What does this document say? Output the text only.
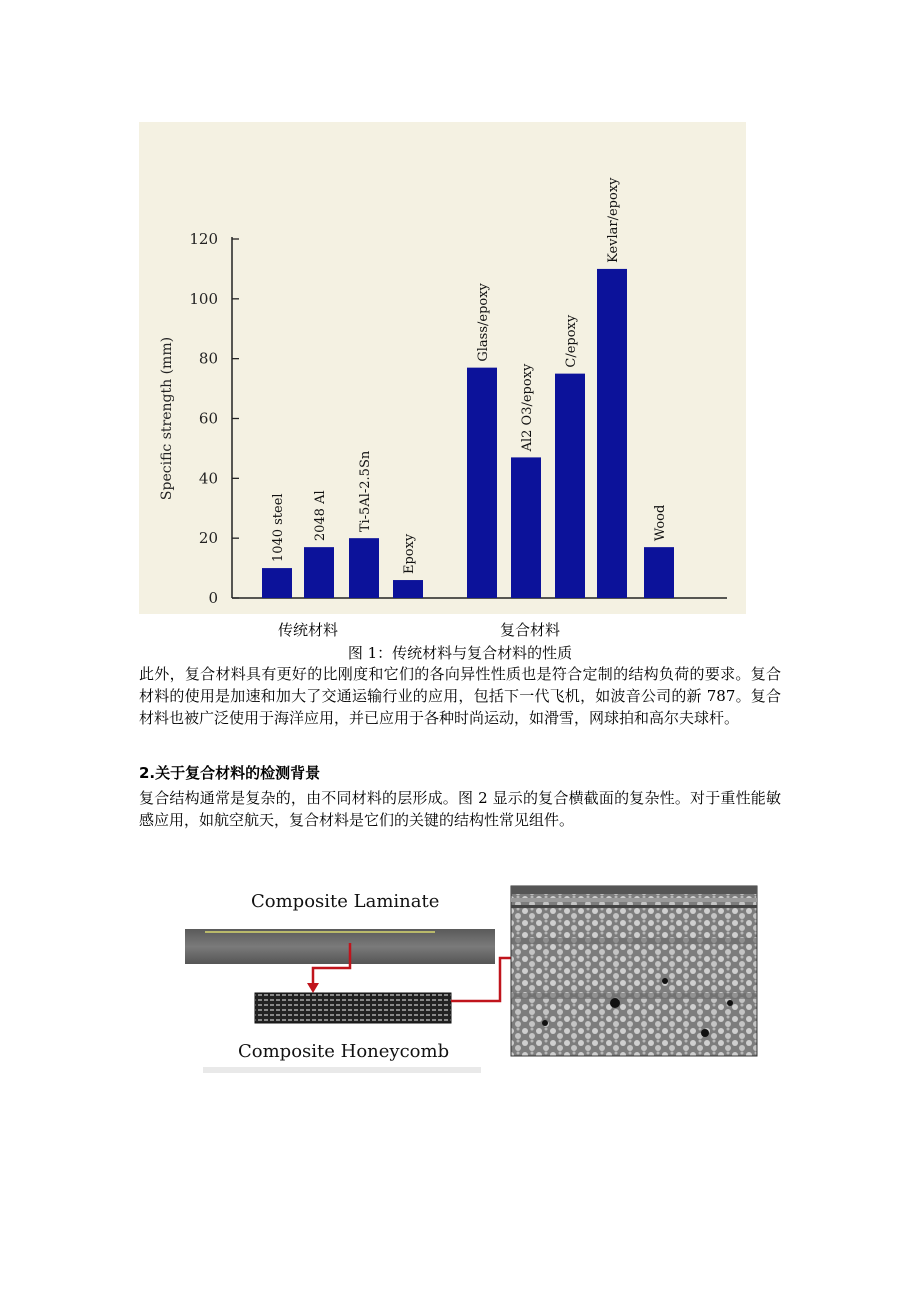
0
20
40
60
80
100
120
Specific strength (mm)
1040 steel 2048 Al Ti-5Al-2.5Sn
Epoxy
Glass/epoxy
Al2 O3/epoxy
C/epoxy
Kevlar/epoxy
Wood
传统材料	复合材料
图 1：传统材料与复合材料的性质

此外，复合材料具有更好的比刚度和它们的各向异性性质也是符合定制的结构负荷的要求。复合材料的使用是加速和加大了交通运输行业的应用，包括下一代飞机，如波音公司的新 787。复合材料也被广泛使用于海洋应用，并已应用于各种时尚运动，如滑雪，网球拍和高尔夫球杆。

2.关于复合材料的检测背景

复合结构通常是复杂的，由不同材料的层形成。图 2 显示的复合横截面的复杂性。对于重性能敏感应用，如航空航天，复合材料是它们的关键的结构性常见组件。

Composite Laminate
Composite Honeycomb
